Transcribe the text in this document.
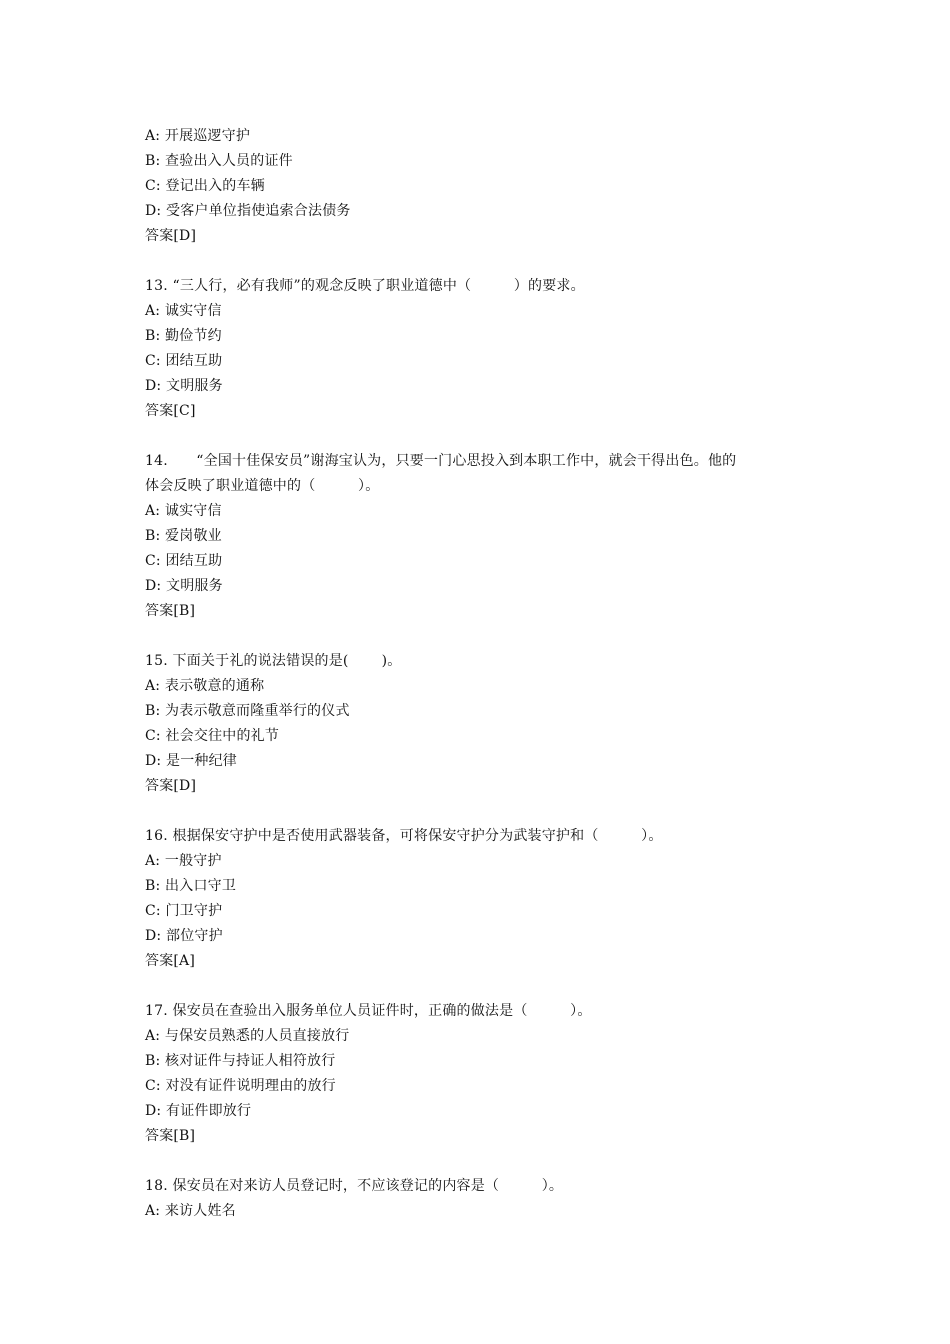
A: 开展巡逻守护
B: 查验出入人员的证件
C: 登记出入的车辆
D: 受客户单位指使追索合法债务
答案[D]
13. “三人行，必有我师”的观念反映了职业道德中（　　　）的要求。
A: 诚实守信
B: 勤俭节约
C: 团结互助
D: 文明服务
答案[C]
14.　　“全国十佳保安员”谢海宝认为，只要一门心思投入到本职工作中，就会干得出色。他的
体会反映了职业道德中的（　　　）。
A: 诚实守信
B: 爱岗敬业
C: 团结互助
D: 文明服务
答案[B]
15. 下面关于礼的说法错误的是(　　 )。
A: 表示敬意的通称
B: 为表示敬意而隆重举行的仪式
C: 社会交往中的礼节
D: 是一种纪律
答案[D]
16. 根据保安守护中是否使用武器装备，可将保安守护分为武装守护和（　　　）。
A: 一般守护
B: 出入口守卫
C: 门卫守护
D: 部位守护
答案[A]
17. 保安员在查验出入服务单位人员证件时，正确的做法是（　　　）。
A: 与保安员熟悉的人员直接放行
B: 核对证件与持证人相符放行
C: 对没有证件说明理由的放行
D: 有证件即放行
答案[B]
18. 保安员在对来访人员登记时，不应该登记的内容是（　　　）。
A: 来访人姓名
